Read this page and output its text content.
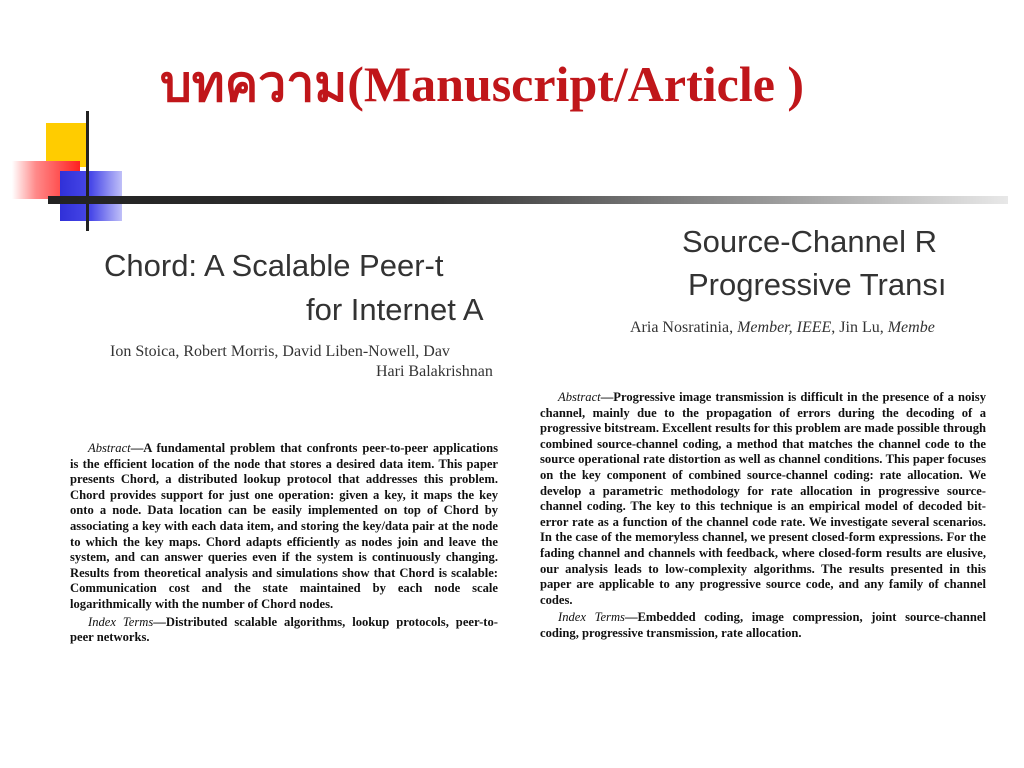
บทความ(Manuscript/Article )
Chord: A Scalable Peer-t
for Internet A
Ion Stoica, Robert Morris, David Liben-Nowell, Dav
Hari Balakrishnan

Abstract—A fundamental problem that confronts peer-to-peer applications is the efficient location of the node that stores a desired data item. This paper presents Chord, a distributed lookup protocol that addresses this problem. Chord provides support for just one operation: given a key, it maps the key onto a node. Data location can be easily implemented on top of Chord by associating a key with each data item, and storing the key/data pair at the node to which the key maps. Chord adapts efficiently as nodes join and leave the system, and can answer queries even if the system is continuously changing. Results from theoretical analysis and simulations show that Chord is scalable: Communication cost and the state maintained by each node scale logarithmically with the number of Chord nodes.

Index Terms—Distributed scalable algorithms, lookup protocols, peer-to-peer networks.

Source-Channel R
Progressive Transı
Aria Nosratinia, Member, IEEE, Jin Lu, Membe

Abstract—Progressive image transmission is difficult in the presence of a noisy channel, mainly due to the propagation of errors during the decoding of a progressive bitstream. Excellent results for this problem are made possible through combined source-channel coding, a method that matches the channel code to the source operational rate distortion as well as channel conditions. This paper focuses on the key component of combined source-channel coding: rate allocation. We develop a parametric methodology for rate allocation in progressive source-channel coding. The key to this technique is an empirical model of decoded bit-error rate as a function of the channel code rate. We investigate several scenarios. In the case of the memoryless channel, we present closed-form expressions. For the fading channel and channels with feedback, where closed-form results are elusive, our analysis leads to low-complexity algorithms. The results presented in this paper are applicable to any progressive source code, and any family of channel codes.

Index Terms—Embedded coding, image compression, joint source-channel coding, progressive transmission, rate allocation.
